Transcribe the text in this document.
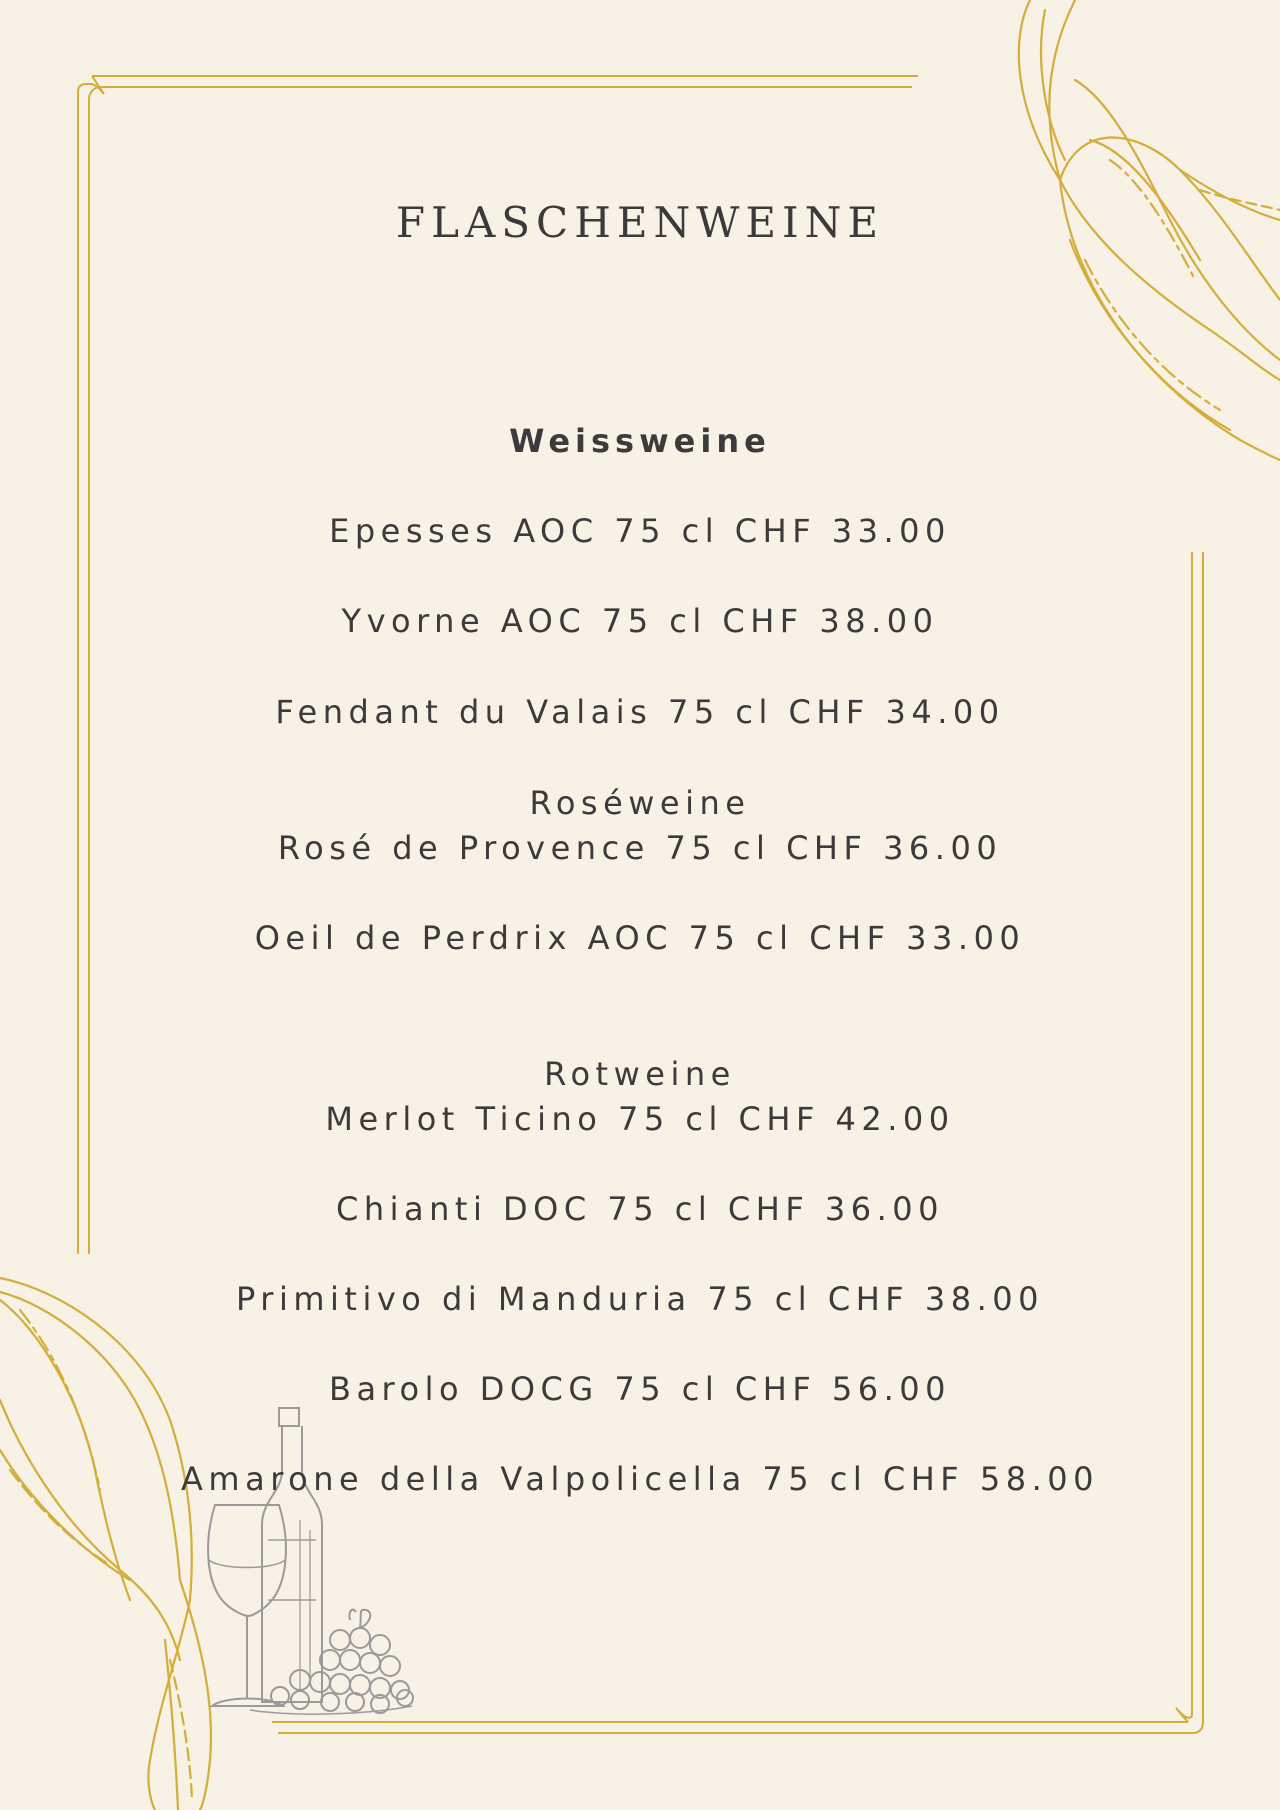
FLASCHENWEINE
Weissweine
Epesses AOC 75 cl CHF 33.00
Yvorne AOC 75 cl CHF 38.00
Fendant du Valais 75 cl CHF 34.00
Roséweine
Rosé de Provence 75 cl CHF 36.00
Oeil de Perdrix AOC 75 cl CHF 33.00
Rotweine
Merlot Ticino 75 cl CHF 42.00
Chianti DOC 75 cl CHF 36.00
Primitivo di Manduria 75 cl CHF 38.00
Barolo DOCG 75 cl CHF 56.00
Amarone della Valpolicella 75 cl CHF 58.00
